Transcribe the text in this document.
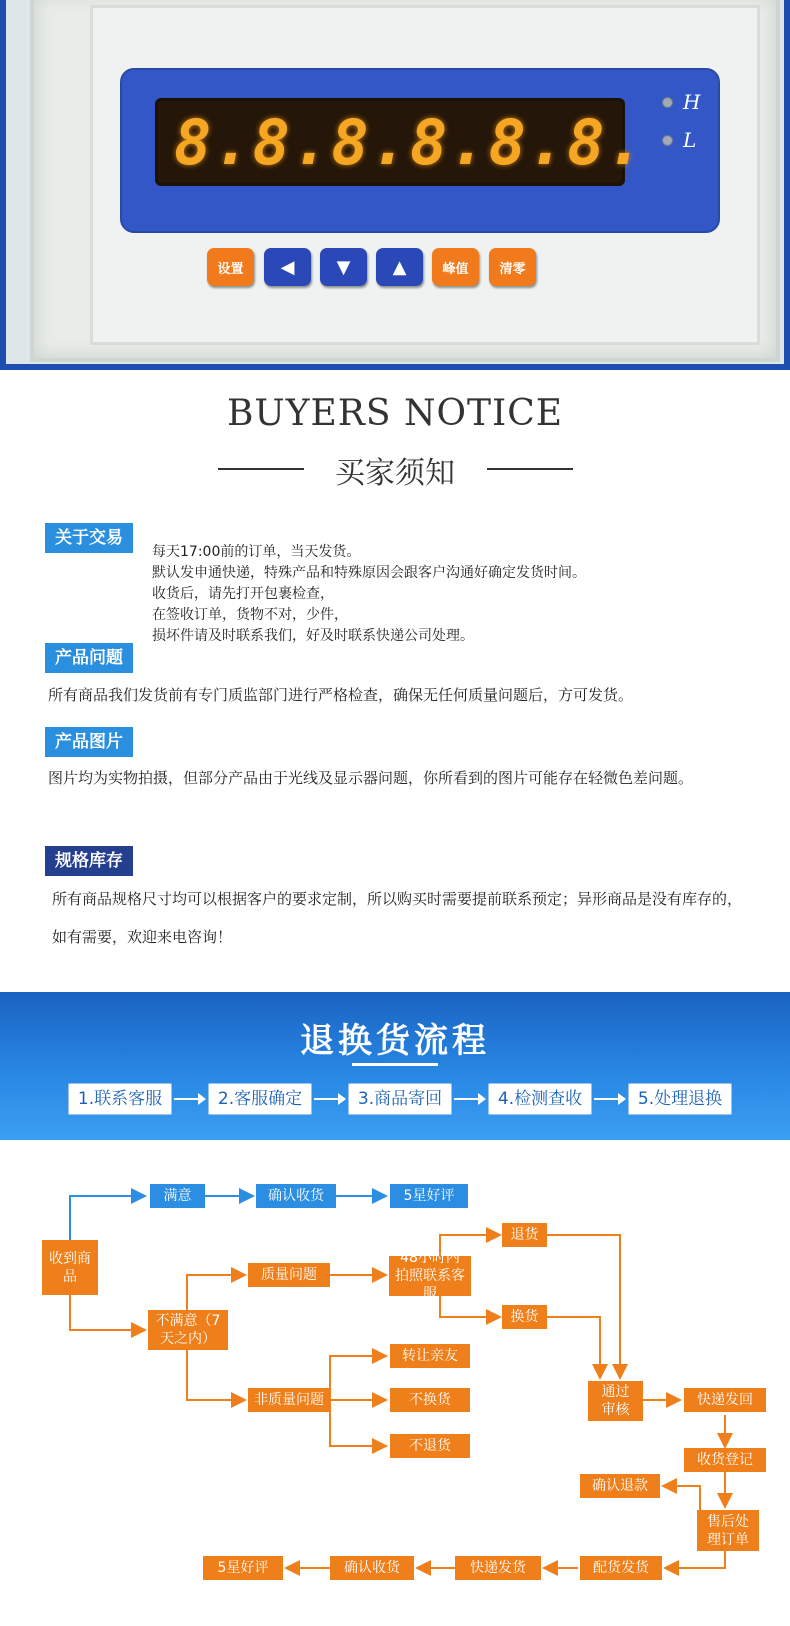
8. 8. 8. 8. 8. 8.
H
L
设置	◀	▼	▲	峰值	清零
BUYERS NOTICE
买家须知
关于交易
每天17:00前的订单，当天发货。
默认发申通快递，特殊产品和特殊原因会跟客户沟通好确定发货时间。
收货后，请先打开包裹检查，
在签收订单，货物不对，少件，
损坏件请及时联系我们，好及时联系快递公司处理。
产品问题
所有商品我们发货前有专门质监部门进行严格检查，确保无任何质量问题后，方可发货。
产品图片
图片均为实物拍摄，但部分产品由于光线及显示器问题，你所看到的图片可能存在轻微色差问题。
规格库存
所有商品规格尺寸均可以根据客户的要求定制，所以购买时需要提前联系预定；异形商品是没有库存的，如有需要，欢迎来电咨询！
退换货流程
1.联系客服	2.客服确定	3.商品寄回	4.检测查收	5.处理退换
收到商品
满意	确认收货	5星好评
不满意（7天之内）
质量问题
48小时内拍照联系客服
退货
换货
非质量问题
转让亲友
不换货
不退货
通过审核
快递发回
收货登记
确认退款
售后处理订单
配货发货
快递发货
确认收货
5星好评
